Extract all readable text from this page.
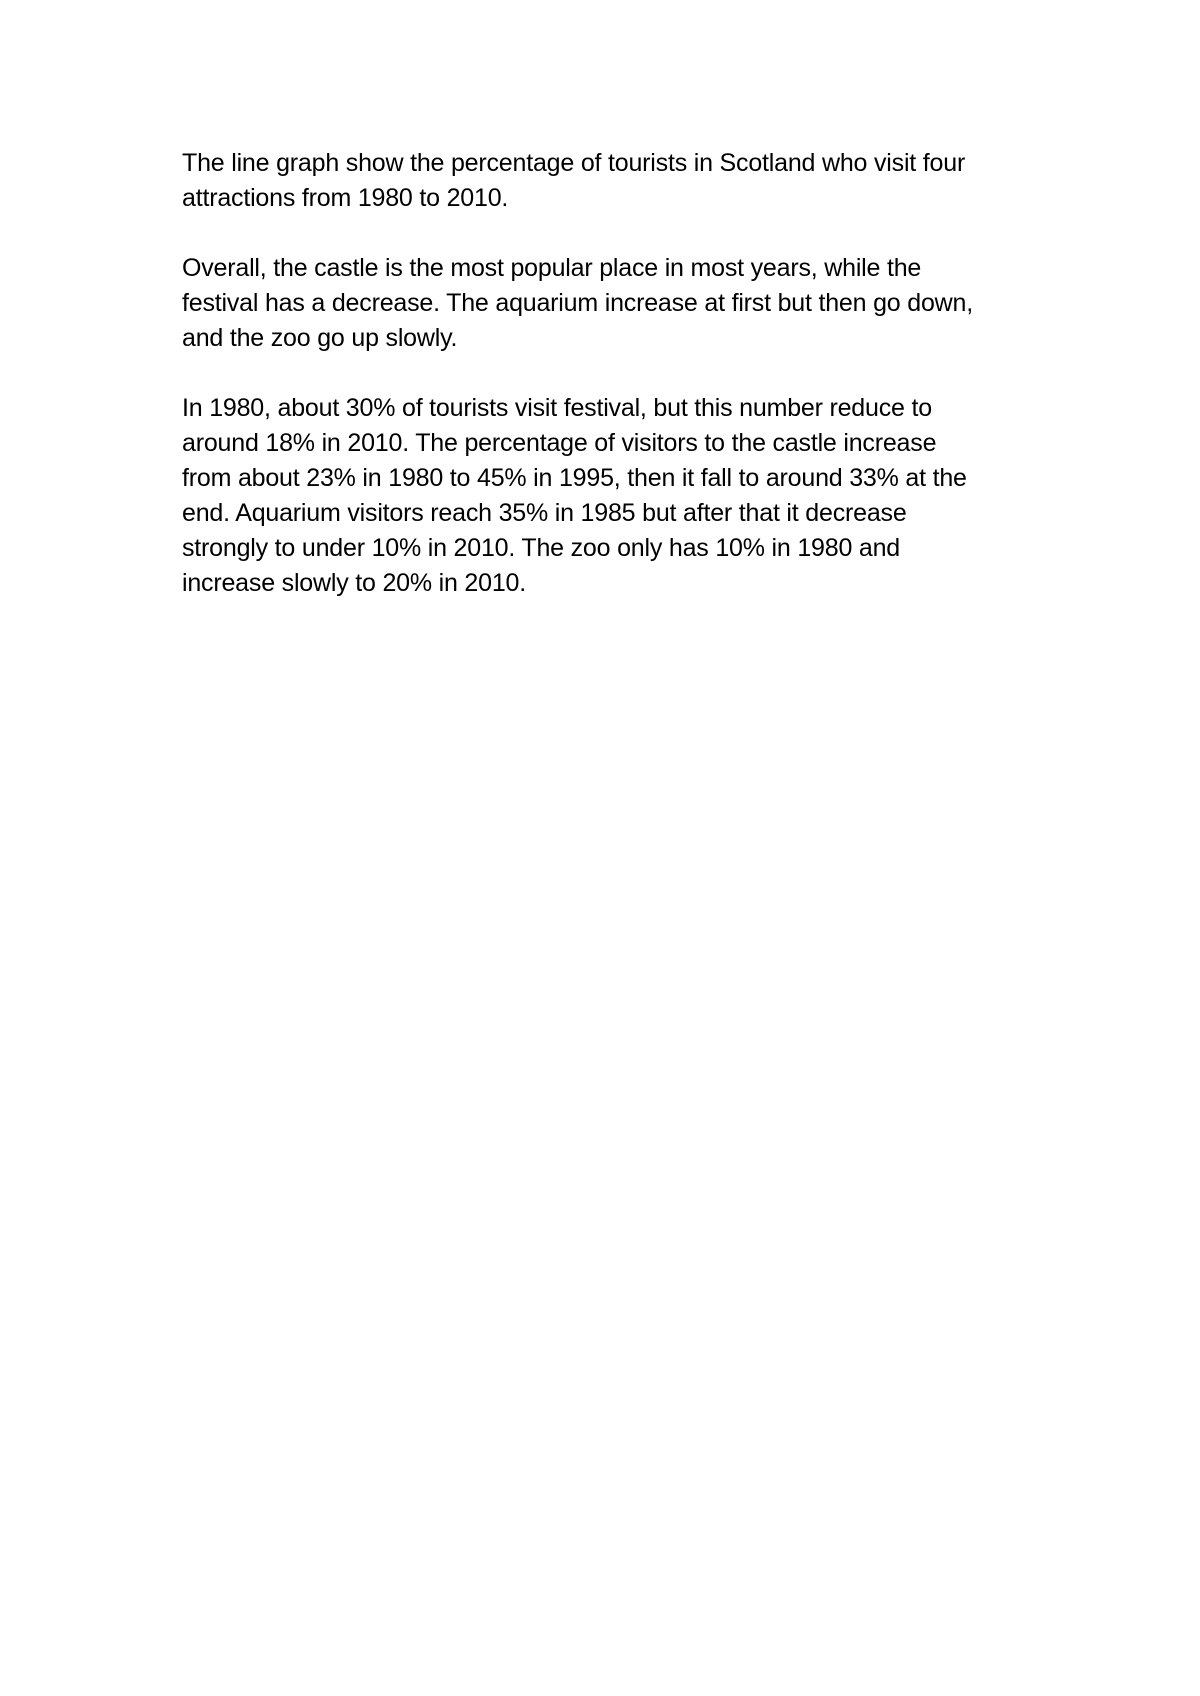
The line graph show the percentage of tourists in Scotland who visit four
attractions from 1980 to 2010.

Overall, the castle is the most popular place in most years, while the
festival has a decrease. The aquarium increase at first but then go down,
and the zoo go up slowly.

In 1980, about 30% of tourists visit festival, but this number reduce to
around 18% in 2010. The percentage of visitors to the castle increase
from about 23% in 1980 to 45% in 1995, then it fall to around 33% at the
end. Aquarium visitors reach 35% in 1985 but after that it decrease
strongly to under 10% in 2010. The zoo only has 10% in 1980 and
increase slowly to 20% in 2010.
